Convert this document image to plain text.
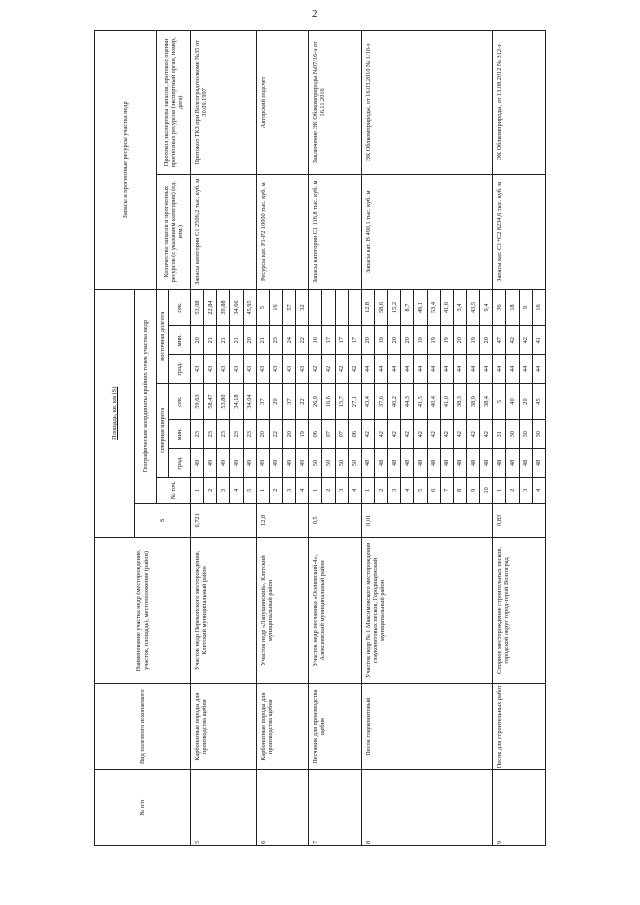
2
№ п/п	Вид полезного ископаемого	Наименование участка недр (месторождение, участок, площадь), местоположение (район)	Площадь, кв. км (S)								Запасы и прогнозные ресурсы участка недр	
			S	Географические координаты крайних точек участка недр								
				№ точ.	северная широта			восточная долгота			Количество запасов и прогнозных ресурсов (с указанием категории) (ед. изм.)	Протокол экспертизы запасов, протокол оценки прогнозных ресурсов (экспертный орган, номер, дата)
					град.	мин.	сек.	град.	мин.	сек.		
5	Карбонатные породы для производства щебня	Участок недр Перекопского месторождения, Клетский муниципальный район	0,721	1	49	23	59,63	43	20	53,08	Запасы категории С1 2506,2 тыс. куб. м	Протокол ТКЗ при Волгоградгеолкоме №35 от 30.09.1997
				2	49	23	58,47	43	21	22,84		
				3	49	23	53,80	43	21	39,88		
				4	49	23	34,18	43	21	34,66		
				5	49	23	34,04	43	20	45,95		
6	Карбонатные породы для производства щебня	Участок недр «Лапушинский», Клетский муниципальный район	12,8	1	49	20	37	43	21	5	Ресурсы кат. Р1-Р2 10000 тыс. куб. м	Авторский подсчет
				2	49	22	20	43	23	16		
				3	49	20	37	43	24	57		
				4	49	19	22	43	22	32		
7	Песчаник для производства щебня	Участок недр песчаника «Осеневский-4», Алексеевский муниципальный район	0,5	1	50	06	26,9	42	16		Запасы категории С1 116,8 тыс. куб. м	Заключение ЭК Облкомприроды №07/16-э от 16.11.2016
				2	50	07	16,6	42	17			
				3	50	07	15,7	42	17			
				4	50	06	27,1	42	17			
8	Песок глауконитовый	Участок недр № 1 Максимовского месторождения глауконитовых песков, Городищенский муниципальный район	0,01	1	48	42	43,4	44	20	12,8	Запасы кат. В 490,1 тыс. куб. м	ЭК Облкомприроды, от 16.03.2010 № 1/10-з
				2	48	42	37,6	44	19	58,6		
				3	48	42	40,2	44	20	15,2		
				4	48	42	44,3	44	20	8,7		
				5	48	42	41,5	44	19	49,1		
				6	48	42	40,4	44	19	53,4		
				7	48	42	41,0	44	19	41,6		
				8	48	42	38,3	44	20	3,4		
				9	48	42	38,9	44	19	43,5		
				10	48	42	38,4	44	20	9,4		
9	Песок для строительных работ	Спорное месторождение строительных песков, городской округ город-герой Волгоград	0,83	1	48	31	5	44	47	36	Запасы кат. С1+С2 8234,6 тыс. куб. м	ЭК Облкомприроды, от 13.08.2012 № 312-з
				2	48	30	40	44	42	18		
				3	48	30	20	44	42	9		
				4	48	30	45	44	41	16		
